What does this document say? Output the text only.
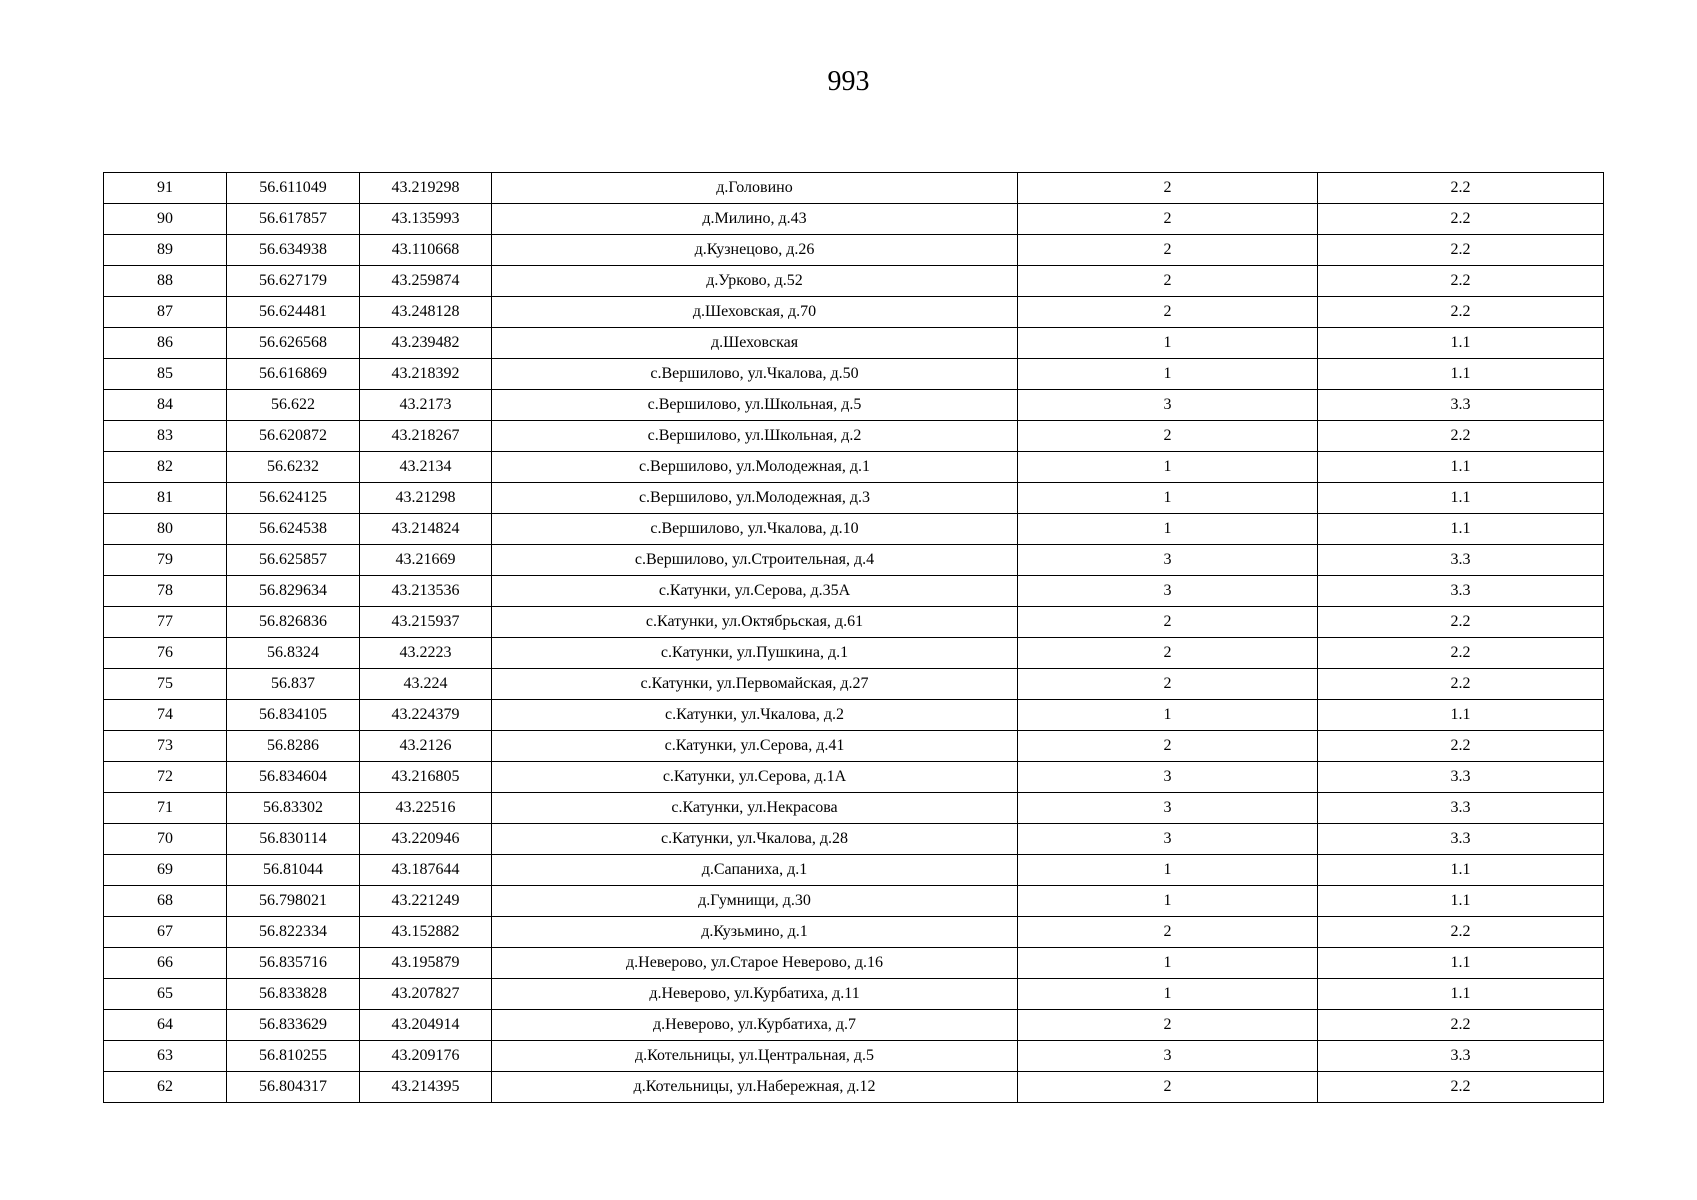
993
91	56.611049	43.219298	д.Головино	2	2.2
90	56.617857	43.135993	д.Милино, д.43	2	2.2
89	56.634938	43.110668	д.Кузнецово, д.26	2	2.2
88	56.627179	43.259874	д.Урково, д.52	2	2.2
87	56.624481	43.248128	д.Шеховская, д.70	2	2.2
86	56.626568	43.239482	д.Шеховская	1	1.1
85	56.616869	43.218392	с.Вершилово, ул.Чкалова, д.50	1	1.1
84	56.622	43.2173	с.Вершилово, ул.Школьная, д.5	3	3.3
83	56.620872	43.218267	с.Вершилово, ул.Школьная, д.2	2	2.2
82	56.6232	43.2134	с.Вершилово, ул.Молодежная, д.1	1	1.1
81	56.624125	43.21298	с.Вершилово, ул.Молодежная, д.3	1	1.1
80	56.624538	43.214824	с.Вершилово, ул.Чкалова, д.10	1	1.1
79	56.625857	43.21669	с.Вершилово, ул.Строительная, д.4	3	3.3
78	56.829634	43.213536	с.Катунки, ул.Серова, д.35А	3	3.3
77	56.826836	43.215937	с.Катунки, ул.Октябрьская, д.61	2	2.2
76	56.8324	43.2223	с.Катунки, ул.Пушкина, д.1	2	2.2
75	56.837	43.224	с.Катунки, ул.Первомайская, д.27	2	2.2
74	56.834105	43.224379	с.Катунки, ул.Чкалова, д.2	1	1.1
73	56.8286	43.2126	с.Катунки, ул.Серова, д.41	2	2.2
72	56.834604	43.216805	с.Катунки, ул.Серова, д.1А	3	3.3
71	56.83302	43.22516	с.Катунки, ул.Некрасова	3	3.3
70	56.830114	43.220946	с.Катунки, ул.Чкалова, д.28	3	3.3
69	56.81044	43.187644	д.Сапаниха, д.1	1	1.1
68	56.798021	43.221249	д.Гумнищи, д.30	1	1.1
67	56.822334	43.152882	д.Кузьмино, д.1	2	2.2
66	56.835716	43.195879	д.Неверово, ул.Старое Неверово, д.16	1	1.1
65	56.833828	43.207827	д.Неверово, ул.Курбатиха, д.11	1	1.1
64	56.833629	43.204914	д.Неверово, ул.Курбатиха, д.7	2	2.2
63	56.810255	43.209176	д.Котельницы, ул.Центральная, д.5	3	3.3
62	56.804317	43.214395	д.Котельницы, ул.Набережная, д.12	2	2.2
